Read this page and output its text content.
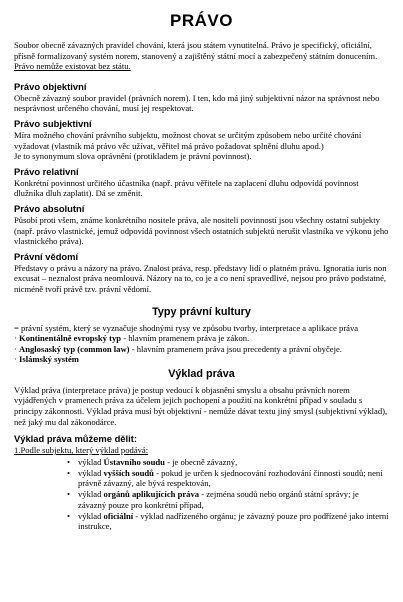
PRÁVO

Soubor obecně závazných pravidel chování, která jsou státem vynutitelná. Právo je specifický, oficiální, přísně formalizovaný systém norem, stanovený a zajištěný státní mocí a zabezpečený státním donucením. Právo nemůže existovat bez státu.

Právo objektivní

Obecně závazný soubor pravidel (právních norem). I ten, kdo má jiný subjektivní názor na správnost nebo nesprávnost určeného chování, musí jej respektovat.

Právo subjektivní

Míra možného chování právního subjektu, možnost chovat se určitým způsobem nebo určité chování vyžadovat (vlastník má právo věc užívat, věřitel má právo požadovat splnění dluhu apod.)

Je to synonymum slova oprávnění (protikladem je právní povinnost).

Právo relativní

Konkrétní povinnost určitého účastníka (např. právu věřitele na zaplacení dluhu odpovídá povinnost dlužníka dluh zaplatit). Dá se změnit.

Právo absolutní

Působí proti všem, známe konkrétního nositele práva, ale nositeli povinností jsou všechny ostatní subjekty (např. právo vlastnické, jemuž odpovídá povinnost všech ostatních subjektů nerušit vlastníka ve výkonu jeho vlastnického práva).

Právní vědomí

Představy o právu a názory na právo. Znalost práva, resp. představy lidí o platném právu. Ignoratia iuris non excusat – neznalost práva neomlouvá. Názory na to, co je a co není spravedlivé, nejsou pro právo podstatné, nicméně tvoří právě tzv. právní vědomí.

Typy právní kultury

= právní systém, který se vyznačuje shodnými rysy ve způsobu tvorby, interpretace a aplikace práva

· Kontinentálně evropský typ - hlavním pramenem práva je zákon.
· Anglosaský typ (common law) - hlavním pramenem práva jsou precedenty a právní obyčeje.
· Islámský systém
Výklad práva

Výklad práva (interpretace práva) je postup vedoucí k objasnění smyslu a obsahu právních norem vyjádřených v pramenech práva za účelem jejich pochopení a použití na konkrétní případ v souladu s principy zákonnosti. Výklad práva musí být objektivní - nemůže dávat textu jiný smysl (subjektivní výklad), než jaký mu dal zákonodárce.

Výklad práva můžeme dělit:

1.Podle subjektu, který výklad podává:

• výklad Ústavního soudu - je obecně závazný,
• výklad vyšších soudů - pokud je určen k sjednocování rozhodování činnosti soudů; není právně závazný, ale bývá respektován,
• výklad orgánů aplikujících práva - zejména soudů nebo orgánů státní správy; je závazný pouze pro konkrétní případ,
• výklad oficiální - výklad nadřízeného orgánu; je závazný pouze pro podřízené jako interní instrukce,
